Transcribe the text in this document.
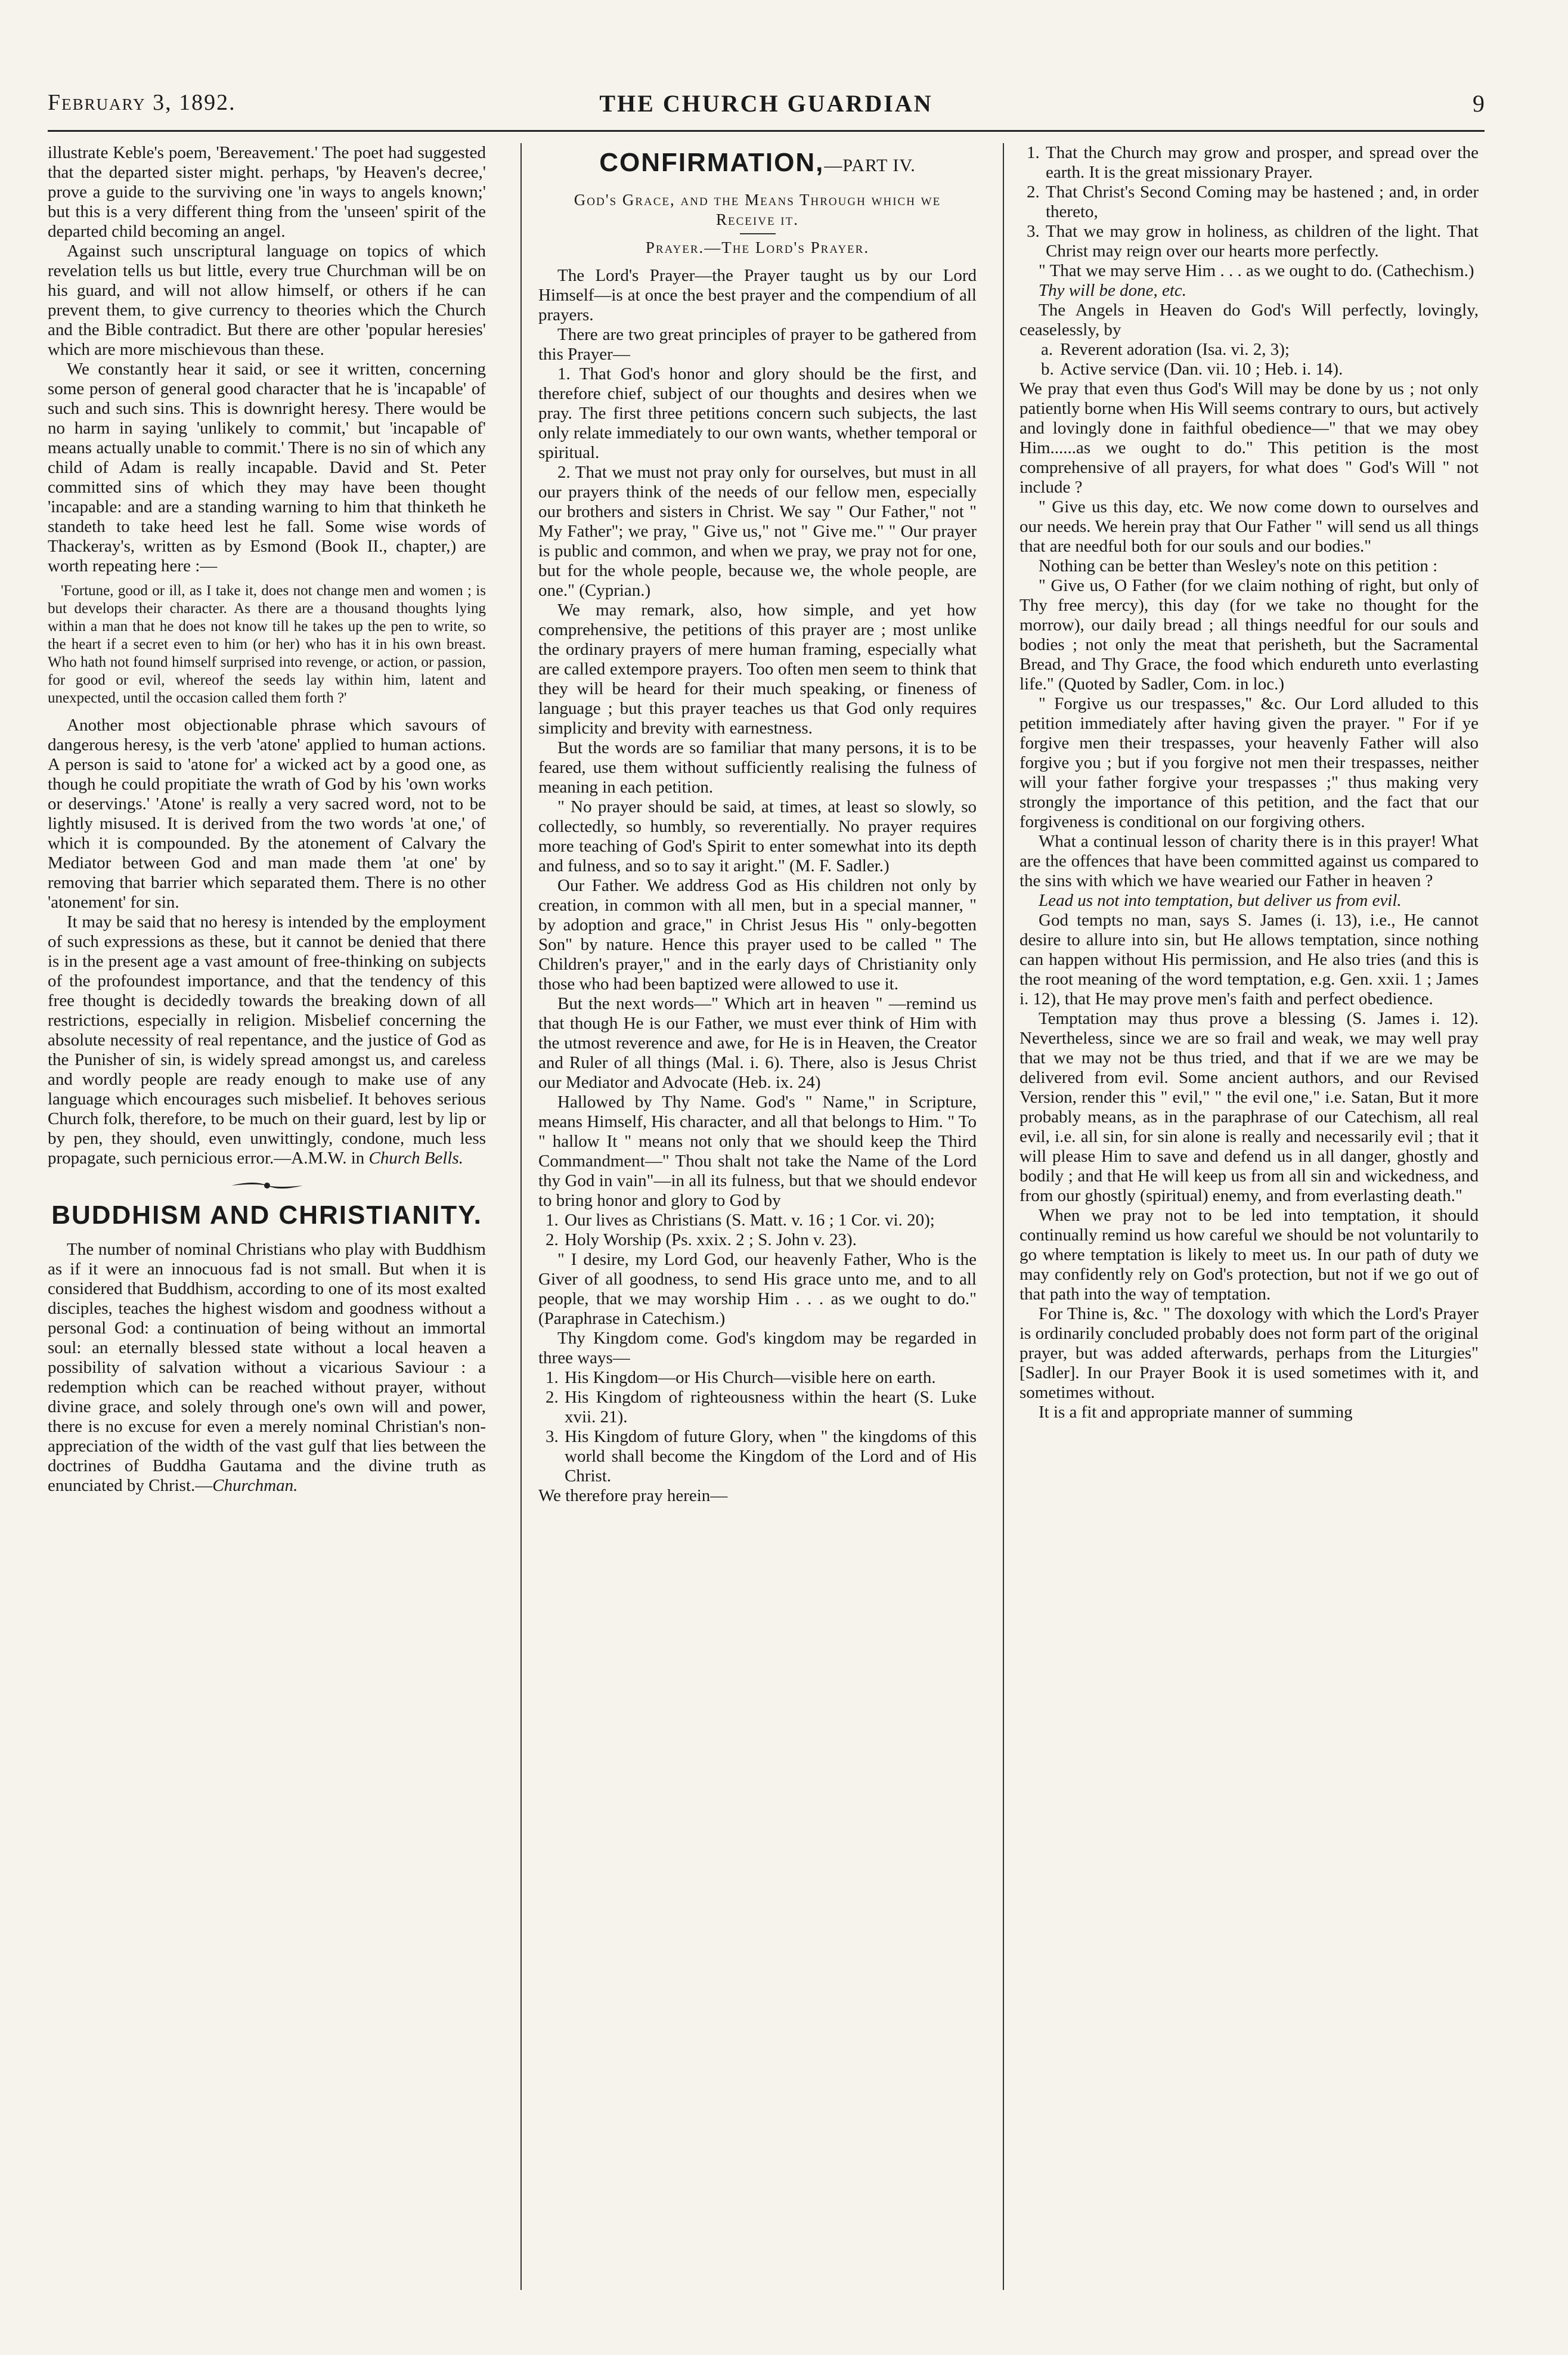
February 3, 1892.	THE CHURCH GUARDIAN	9

illustrate Keble's poem, 'Bereavement.' The poet had suggested that the departed sister might. perhaps, 'by Heaven's decree,' prove a guide to the surviving one 'in ways to angels known;' but this is a very different thing from the 'unseen' spirit of the departed child becoming an angel.

Against such unscriptural language on topics of which revelation tells us but little, every true Churchman will be on his guard, and will not allow himself, or others if he can prevent them, to give currency to theories which the Church and the Bible contradict. But there are other 'popular heresies' which are more mischievous than these.

We constantly hear it said, or see it written, concerning some person of general good character that he is 'incapable' of such and such sins. This is downright heresy. There would be no harm in saying 'unlikely to commit,' but 'incapable of' means actually unable to commit.' There is no sin of which any child of Adam is really incapable. David and St. Peter committed sins of which they may have been thought 'incapable: and are a standing warning to him that thinketh he standeth to take heed lest he fall. Some wise words of Thackeray's, written as by Esmond (Book II., chapter,) are worth repeating here :—

'Fortune, good or ill, as I take it, does not change men and women ; is but develops their character. As there are a thousand thoughts lying within a man that he does not know till he takes up the pen to write, so the heart if a secret even to him (or her) who has it in his own breast. Who hath not found himself surprised into revenge, or action, or passion, for good or evil, whereof the seeds lay within him, latent and unexpected, until the occasion called them forth ?'

Another most objectionable phrase which savours of dangerous heresy, is the verb 'atone' applied to human actions. A person is said to 'atone for' a wicked act by a good one, as though he could propitiate the wrath of God by his 'own works or deservings.' 'Atone' is really a very sacred word, not to be lightly misused. It is derived from the two words 'at one,' of which it is compounded. By the atonement of Calvary the Mediator between God and man made them 'at one' by removing that barrier which separated them. There is no other 'atonement' for sin.

It may be said that no heresy is intended by the employment of such expressions as these, but it cannot be denied that there is in the present age a vast amount of free-thinking on subjects of the profoundest importance, and that the tendency of this free thought is decidedly towards the breaking down of all restrictions, especially in religion. Misbelief concerning the absolute necessity of real repentance, and the justice of God as the Punisher of sin, is widely spread amongst us, and careless and wordly people are ready enough to make use of any language which encourages such misbelief. It behoves serious Church folk, therefore, to be much on their guard, lest by lip or by pen, they should, even unwittingly, condone, much less propagate, such pernicious error.—A.M.W. in Church Bells.

BUDDHISM AND CHRISTIANITY.

The number of nominal Christians who play with Buddhism as if it were an innocuous fad is not small. But when it is considered that Buddhism, according to one of its most exalted disciples, teaches the highest wisdom and goodness without a personal God: a continuation of being without an immortal soul: an eternally blessed state without a local heaven a possibility of salvation without a vicarious Saviour : a redemption which can be reached without prayer, without divine grace, and solely through one's own will and power, there is no excuse for even a merely nominal Christian's non-appreciation of the width of the vast gulf that lies between the doctrines of Buddha Gautama and the divine truth as enunciated by Christ.—Churchman.

CONFIRMATION,—PART IV.

God's Grace, and the Means Through which we Receive it.

Prayer.—The Lord's Prayer.

The Lord's Prayer—the Prayer taught us by our Lord Himself—is at once the best prayer and the compendium of all prayers.

There are two great principles of prayer to be gathered from this Prayer—

1. That God's honor and glory should be the first, and therefore chief, subject of our thoughts and desires when we pray. The first three petitions concern such subjects, the last only relate immediately to our own wants, whether temporal or spiritual.

2. That we must not pray only for ourselves, but must in all our prayers think of the needs of our fellow men, especially our brothers and sisters in Christ. We say " Our Father," not " My Father"; we pray, " Give us," not " Give me." " Our prayer is public and common, and when we pray, we pray not for one, but for the whole people, because we, the whole people, are one." (Cyprian.)

We may remark, also, how simple, and yet how comprehensive, the petitions of this prayer are ; most unlike the ordinary prayers of mere human framing, especially what are called extempore prayers. Too often men seem to think that they will be heard for their much speaking, or fineness of language ; but this prayer teaches us that God only requires simplicity and brevity with earnestness.

But the words are so familiar that many persons, it is to be feared, use them without sufficiently realising the fulness of meaning in each petition.

" No prayer should be said, at times, at least so slowly, so collectedly, so humbly, so reverentially. No prayer requires more teaching of God's Spirit to enter somewhat into its depth and fulness, and so to say it aright." (M. F. Sadler.)

Our Father. We address God as His children not only by creation, in common with all men, but in a special manner, " by adoption and grace," in Christ Jesus His " only-begotten Son" by nature. Hence this prayer used to be called " The Children's prayer," and in the early days of Christianity only those who had been baptized were allowed to use it.

But the next words—" Which art in heaven " —remind us that though He is our Father, we must ever think of Him with the utmost reverence and awe, for He is in Heaven, the Creator and Ruler of all things (Mal. i. 6). There, also is Jesus Christ our Mediator and Advocate (Heb. ix. 24)

Hallowed by Thy Name. God's " Name," in Scripture, means Himself, His character, and all that belongs to Him. " To " hallow It " means not only that we should keep the Third Commandment—" Thou shalt not take the Name of the Lord thy God in vain"—in all its fulness, but that we should endevor to bring honor and glory to God by

1. Our lives as Christians (S. Matt. v. 16 ; 1 Cor. vi. 20);
2. Holy Worship (Ps. xxix. 2 ; S. John v. 23).

" I desire, my Lord God, our heavenly Father, Who is the Giver of all goodness, to send His grace unto me, and to all people, that we may worship Him . . . as we ought to do." (Paraphrase in Catechism.)

Thy Kingdom come. God's kingdom may be regarded in three ways—

1. His Kingdom—or His Church—visible here on earth.
2. His Kingdom of righteousness within the heart (S. Luke xvii. 21).
3. His Kingdom of future Glory, when " the kingdoms of this world shall become the Kingdom of the Lord and of His Christ.

We therefore pray herein—

1. That the Church may grow and prosper, and spread over the earth. It is the great missionary Prayer.
2. That Christ's Second Coming may be hastened ; and, in order thereto,
3. That we may grow in holiness, as children of the light. That Christ may reign over our hearts more perfectly.

" That we may serve Him . . . as we ought to do. (Cathechism.)

Thy will be done, etc.

The Angels in Heaven do God's Will perfectly, lovingly, ceaselessly, by

a. Reverent adoration (Isa. vi. 2, 3);
b. Active service (Dan. vii. 10 ; Heb. i. 14).

We pray that even thus God's Will may be done by us ; not only patiently borne when His Will seems contrary to ours, but actively and lovingly done in faithful obedience—" that we may obey Him......as we ought to do." This petition is the most comprehensive of all prayers, for what does " God's Will " not include ?

" Give us this day, etc. We now come down to ourselves and our needs. We herein pray that Our Father " will send us all things that are needful both for our souls and our bodies."

Nothing can be better than Wesley's note on this petition :

" Give us, O Father (for we claim nothing of right, but only of Thy free mercy), this day (for we take no thought for the morrow), our daily bread ; all things needful for our souls and bodies ; not only the meat that perisheth, but the Sacramental Bread, and Thy Grace, the food which endureth unto everlasting life." (Quoted by Sadler, Com. in loc.)

" Forgive us our trespasses," &c. Our Lord alluded to this petition immediately after having given the prayer. " For if ye forgive men their trespasses, your heavenly Father will also forgive you ; but if you forgive not men their trespasses, neither will your father forgive your trespasses ;" thus making very strongly the importance of this petition, and the fact that our forgiveness is conditional on our forgiving others.

What a continual lesson of charity there is in this prayer! What are the offences that have been committed against us compared to the sins with which we have wearied our Father in heaven ?

Lead us not into temptation, but deliver us from evil.

God tempts no man, says S. James (i. 13), i.e., He cannot desire to allure into sin, but He allows temptation, since nothing can happen without His permission, and He also tries (and this is the root meaning of the word temptation, e.g. Gen. xxii. 1 ; James i. 12), that He may prove men's faith and perfect obedience.

Temptation may thus prove a blessing (S. James i. 12). Nevertheless, since we are so frail and weak, we may well pray that we may not be thus tried, and that if we are we may be delivered from evil. Some ancient authors, and our Revised Version, render this " evil," " the evil one," i.e. Satan, But it more probably means, as in the paraphrase of our Catechism, all real evil, i.e. all sin, for sin alone is really and necessarily evil ; that it will please Him to save and defend us in all danger, ghostly and bodily ; and that He will keep us from all sin and wickedness, and from our ghostly (spiritual) enemy, and from everlasting death."

When we pray not to be led into temptation, it should continually remind us how careful we should be not voluntarily to go where temptation is likely to meet us. In our path of duty we may confidently rely on God's protection, but not if we go out of that path into the way of temptation.

For Thine is, &c. " The doxology with which the Lord's Prayer is ordinarily concluded probably does not form part of the original prayer, but was added afterwards, perhaps from the Liturgies" [Sadler]. In our Prayer Book it is used sometimes with it, and sometimes without.

It is a fit and appropriate manner of summing
